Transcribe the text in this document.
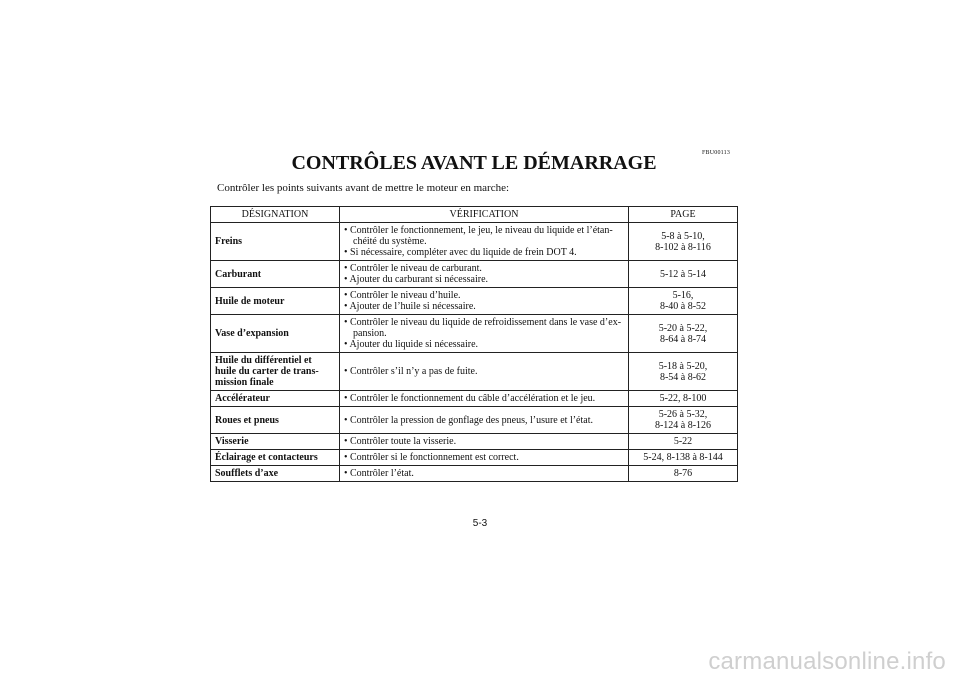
FBU00113
CONTRÔLES AVANT LE DÉMARRAGE
Contrôler les points suivants avant de mettre le moteur en marche:
DÉSIGNATION	VÉRIFICATION	PAGE

Freins

• Contrôler le fonctionnement, le jeu, le niveau du liquide et l’étan-chéité du système.
• Si nécessaire, compléter avec du liquide de frein DOT 4.

5-8 à 5-10,
8-102 à 8-116

Carburant	• Contrôler le niveau de carburant.
• Ajouter du carburant si nécessaire.	5-12 à 5-14

Huile de moteur	• Contrôler le niveau d’huile.
• Ajouter de l’huile si nécessaire.

5-16,
8-40 à 8-52

Vase d’expansion

• Contrôler le niveau du liquide de refroidissement dans le vase d’ex-pansion.
• Ajouter du liquide si nécessaire.

5-20 à 5-22,
8-64 à 8-74

Huile du différentiel et
huile du carter de trans-
mission finale

• Contrôler s’il n’y a pas de fuite.	5-18 à 5-20,
8-54 à 8-62

Accélérateur	• Contrôler le fonctionnement du câble d’accélération et le jeu.	5-22, 8-100

Roues et pneus	• Contrôler la pression de gonflage des pneus, l’usure et l’état.	5-26 à 5-32,
8-124 à 8-126

Visserie	• Contrôler toute la visserie.	5-22

Éclairage et contacteurs	• Contrôler si le fonctionnement est correct.	5-24, 8-138 à 8-144

Soufflets d’axe	• Contrôler l’état.	8-76
5-3
carmanualsonline.info
